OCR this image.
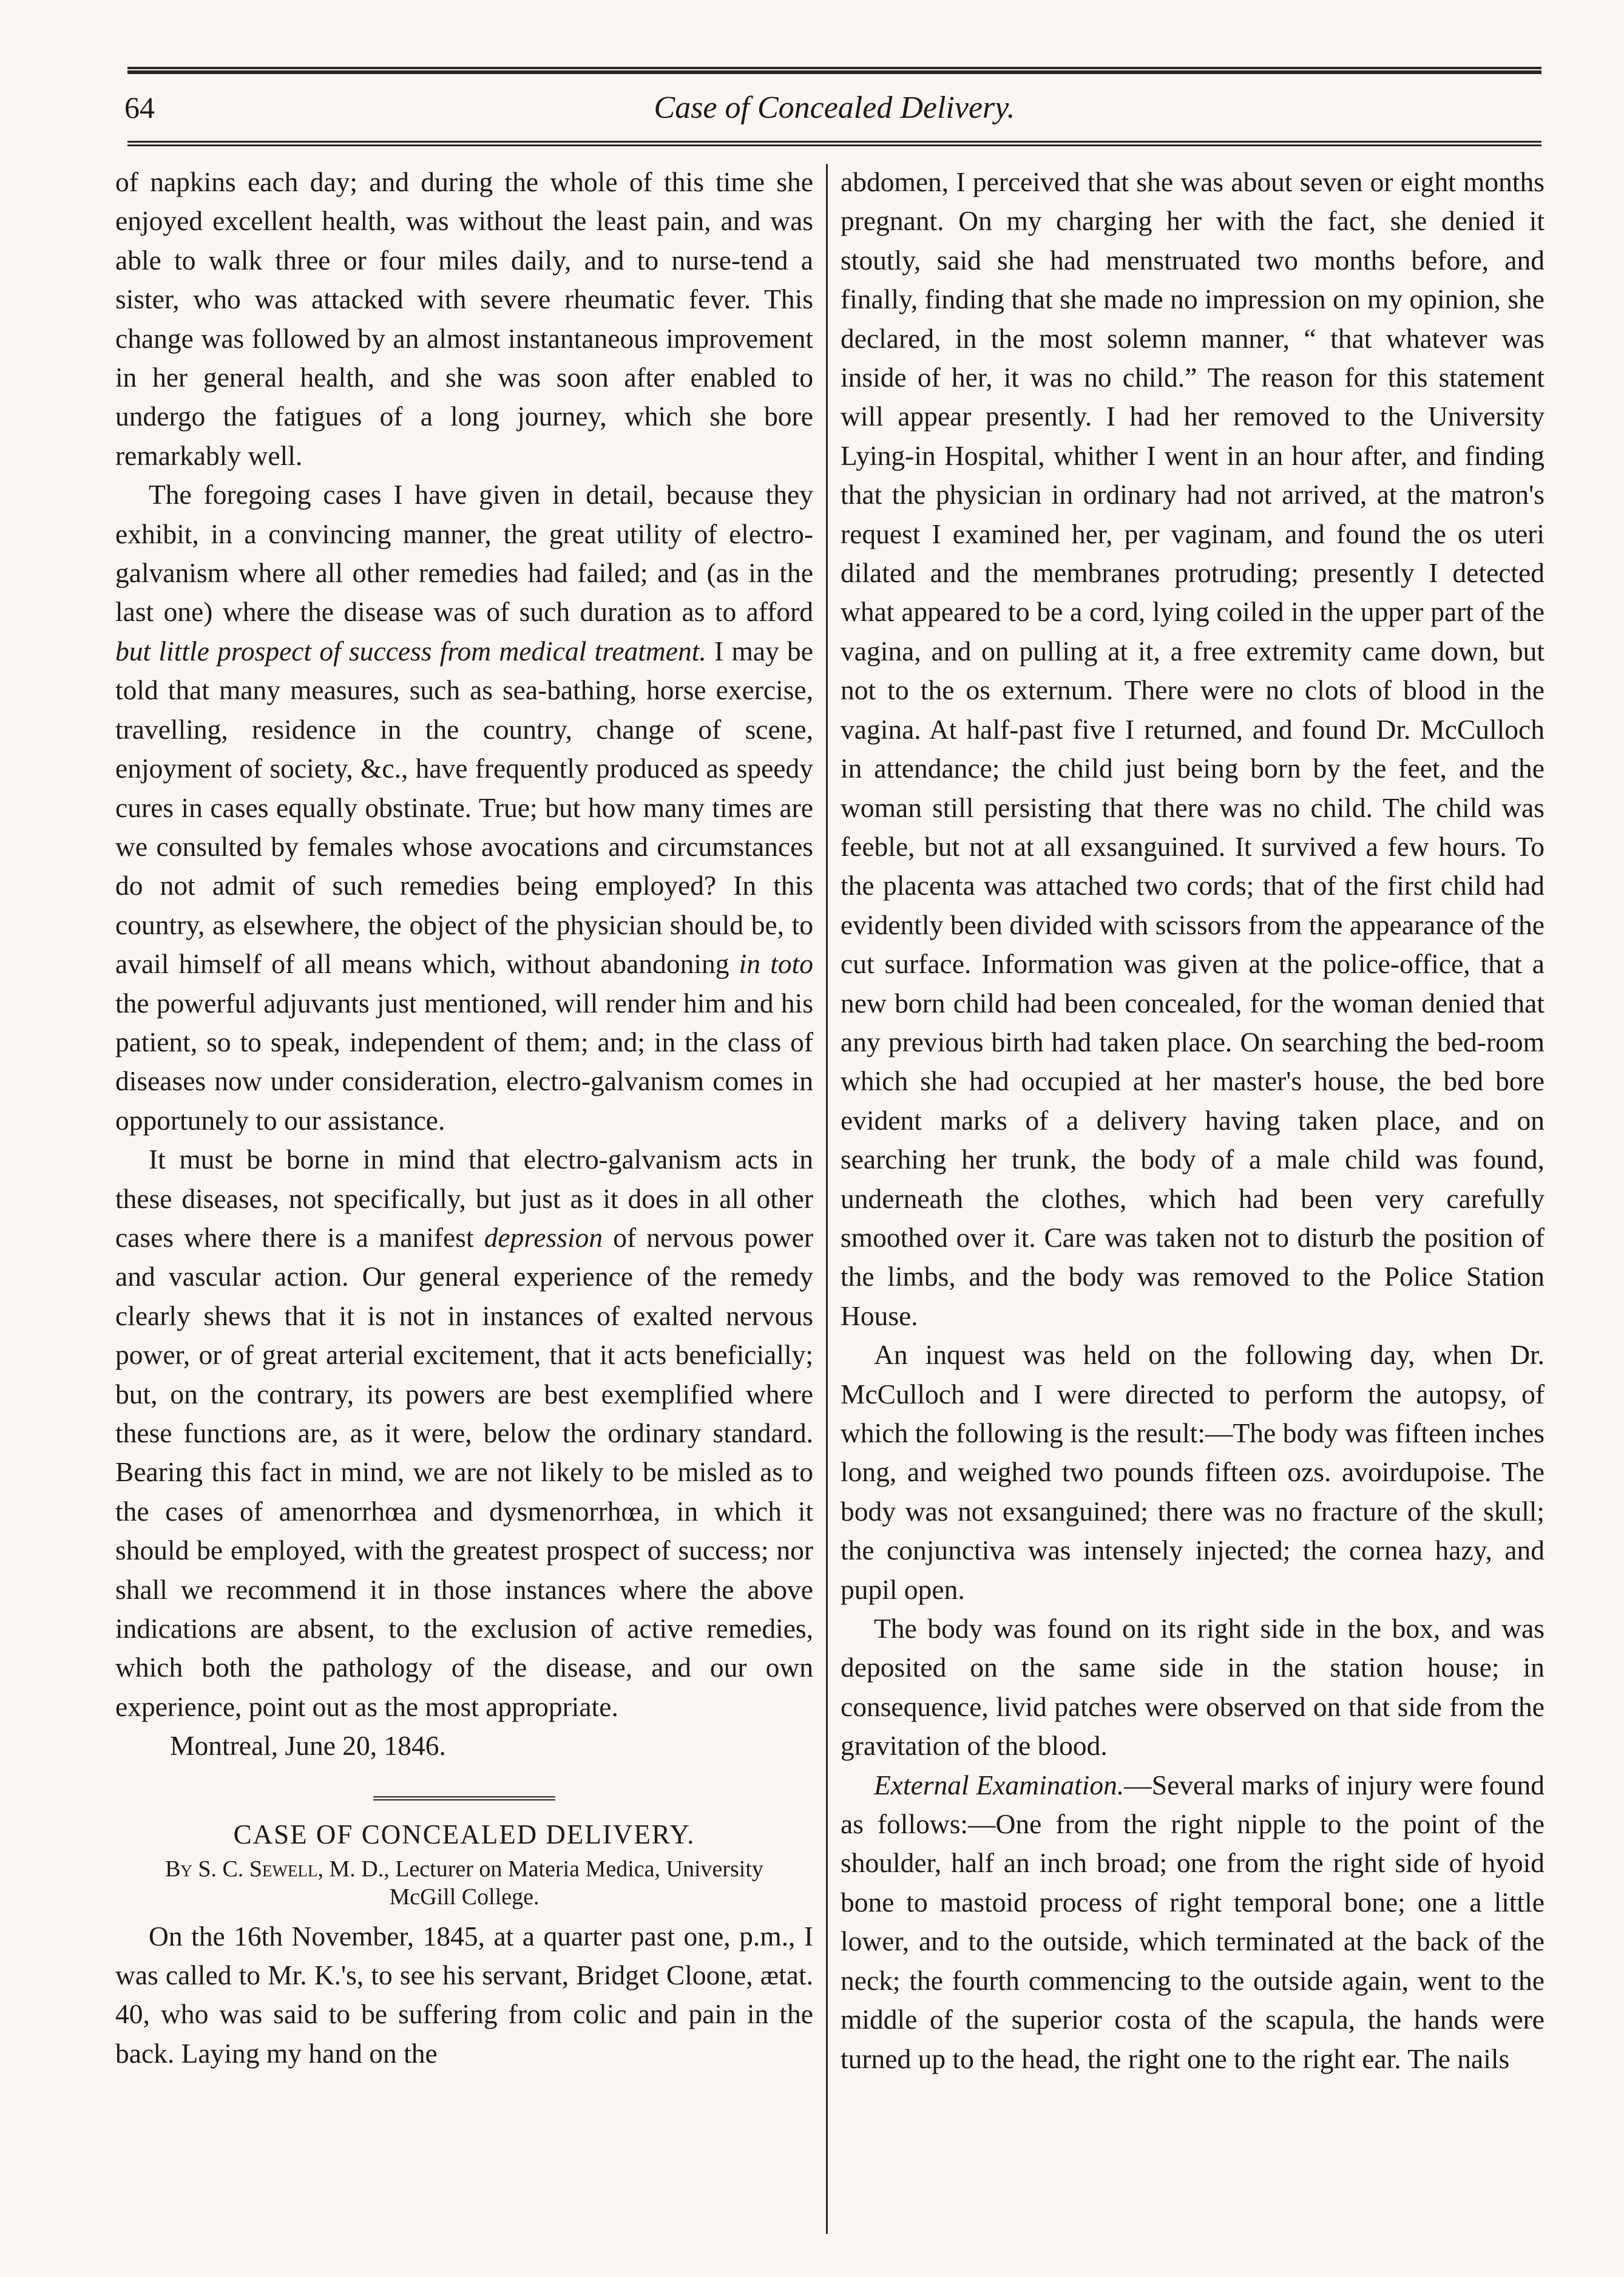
64	Case of Concealed Delivery.

of napkins each day; and during the whole of this time she enjoyed excellent health, was without the least pain, and was able to walk three or four miles daily, and to nurse-tend a sister, who was attacked with severe rheumatic fever. This change was followed by an almost instantaneous improvement in her general health, and she was soon after enabled to undergo the fatigues of a long journey, which she bore remarkably well.

The foregoing cases I have given in detail, because they exhibit, in a convincing manner, the great utility of electro-galvanism where all other remedies had failed; and (as in the last one) where the disease was of such duration as to afford but little prospect of success from medical treatment. I may be told that many measures, such as sea-bathing, horse exercise, travelling, residence in the country, change of scene, enjoyment of society, &c., have frequently produced as speedy cures in cases equally obstinate. True; but how many times are we consulted by females whose avocations and circumstances do not admit of such remedies being employed? In this country, as elsewhere, the object of the physician should be, to avail himself of all means which, without abandoning in toto the powerful adjuvants just mentioned, will render him and his patient, so to speak, independent of them; and; in the class of diseases now under consideration, electro-galvanism comes in opportunely to our assistance.

It must be borne in mind that electro-galvanism acts in these diseases, not specifically, but just as it does in all other cases where there is a manifest depression of nervous power and vascular action. Our general experience of the remedy clearly shews that it is not in instances of exalted nervous power, or of great arterial excitement, that it acts beneficially; but, on the contrary, its powers are best exemplified where these functions are, as it were, below the ordinary standard. Bearing this fact in mind, we are not likely to be misled as to the cases of amenorrhœa and dysmenorrhœa, in which it should be employed, with the greatest prospect of success; nor shall we recommend it in those instances where the above indications are absent, to the exclusion of active remedies, which both the pathology of the disease, and our own experience, point out as the most appropriate.

Montreal, June 20, 1846.

CASE OF CONCEALED DELIVERY.
By S. C. Sewell, M. D., Lecturer on Materia Medica, University McGill College.

On the 16th November, 1845, at a quarter past one, p.m., I was called to Mr. K.'s, to see his servant, Bridget Cloone, ætat. 40, who was said to be suffering from colic and pain in the back. Laying my hand on the

abdomen, I perceived that she was about seven or eight months pregnant. On my charging her with the fact, she denied it stoutly, said she had menstruated two months before, and finally, finding that she made no impression on my opinion, she declared, in the most solemn manner, “ that whatever was inside of her, it was no child.” The reason for this statement will appear presently. I had her removed to the University Lying-in Hospital, whither I went in an hour after, and finding that the physician in ordinary had not arrived, at the matron's request I examined her, per vaginam, and found the os uteri dilated and the membranes protruding; presently I detected what appeared to be a cord, lying coiled in the upper part of the vagina, and on pulling at it, a free extremity came down, but not to the os externum. There were no clots of blood in the vagina. At half-past five I returned, and found Dr. McCulloch in attendance; the child just being born by the feet, and the woman still persisting that there was no child. The child was feeble, but not at all exsanguined. It survived a few hours. To the placenta was attached two cords; that of the first child had evidently been divided with scissors from the appearance of the cut surface. Information was given at the police-office, that a new born child had been concealed, for the woman denied that any previous birth had taken place. On searching the bed-room which she had occupied at her master's house, the bed bore evident marks of a delivery having taken place, and on searching her trunk, the body of a male child was found, underneath the clothes, which had been very carefully smoothed over it. Care was taken not to disturb the position of the limbs, and the body was removed to the Police Station House.

An inquest was held on the following day, when Dr. McCulloch and I were directed to perform the autopsy, of which the following is the result:—The body was fifteen inches long, and weighed two pounds fifteen ozs. avoirdupoise. The body was not exsanguined; there was no fracture of the skull; the conjunctiva was intensely injected; the cornea hazy, and pupil open.

The body was found on its right side in the box, and was deposited on the same side in the station house; in consequence, livid patches were observed on that side from the gravitation of the blood.

External Examination.—Several marks of injury were found as follows:—One from the right nipple to the point of the shoulder, half an inch broad; one from the right side of hyoid bone to mastoid process of right temporal bone; one a little lower, and to the outside, which terminated at the back of the neck; the fourth commencing to the outside again, went to the middle of the superior costa of the scapula, the hands were turned up to the head, the right one to the right ear. The nails
